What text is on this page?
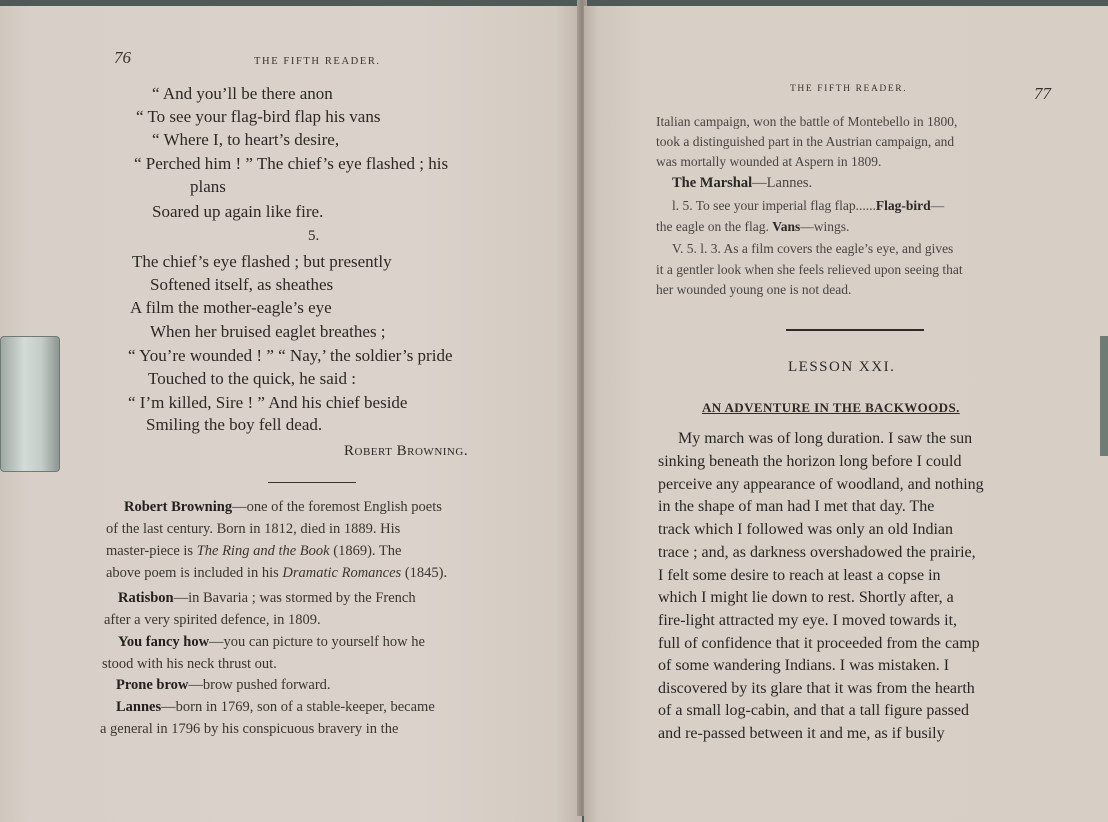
76	THE FIFTH READER.
“ And you’ll be there anon
“ To see your flag-bird flap his vans
“ Where I, to heart’s desire,
“ Perched him ! ” The chief’s eye flashed ; his
plans
Soared up again like fire.
5.
The chief’s eye flashed ; but presently
Softened itself, as sheathes
A film the mother-eagle’s eye
When her bruised eaglet breathes ;
“ You’re wounded ! ” “ Nay,’ the soldier’s pride
Touched to the quick, he said :
“ I’m killed, Sire ! ” And his chief beside
Smiling the boy fell dead.
Robert Browning.
Robert Browning—one of the foremost English poets
of the last century. Born in 1812, died in 1889. His
master-piece is The Ring and the Book (1869). The
above poem is included in his Dramatic Romances (1845).
Ratisbon—in Bavaria ; was stormed by the French
after a very spirited defence, in 1809.
You fancy how—you can picture to yourself how he
stood with his neck thrust out.
Prone brow—brow pushed forward.
Lannes—born in 1769, son of a stable-keeper, became
a general in 1796 by his conspicuous bravery in the
THE FIFTH READER.	77
Italian campaign, won the battle of Montebello in 1800,
took a distinguished part in the Austrian campaign, and
was mortally wounded at Aspern in 1809.
The Marshal—Lannes.
l. 5. To see your imperial flag flap......Flag-bird—
the eagle on the flag. Vans—wings.
V. 5. l. 3. As a film covers the eagle’s eye, and gives
it a gentler look when she feels relieved upon seeing that
her wounded young one is not dead.
LESSON XXI.
AN ADVENTURE IN THE BACKWOODS.
My march was of long duration. I saw the sun
sinking beneath the horizon long before I could
perceive any appearance of woodland, and nothing
in the shape of man had I met that day. The
track which I followed was only an old Indian
trace ; and, as darkness overshadowed the prairie,
I felt some desire to reach at least a copse in
which I might lie down to rest. Shortly after, a
fire-light attracted my eye. I moved towards it,
full of confidence that it proceeded from the camp
of some wandering Indians. I was mistaken. I
discovered by its glare that it was from the hearth
of a small log-cabin, and that a tall figure passed
and re-passed between it and me, as if busily
